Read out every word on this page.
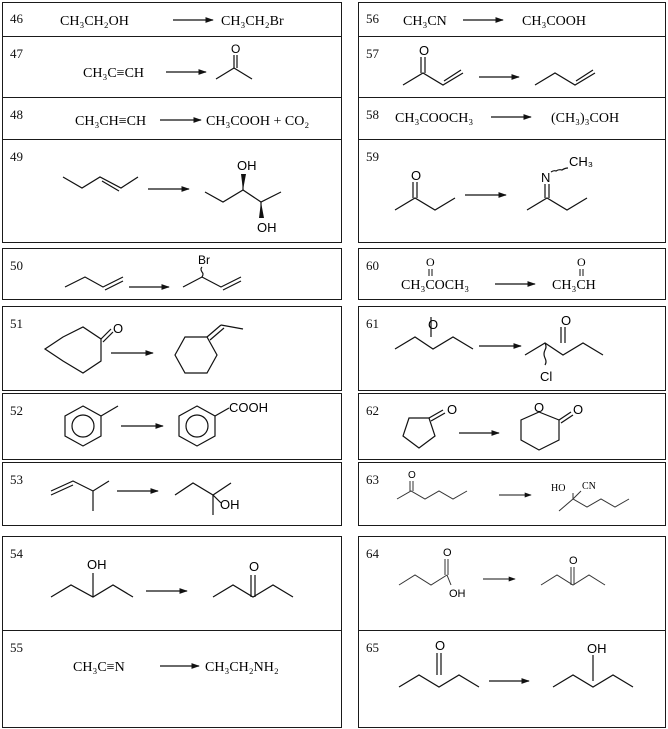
46	CH₃CH₂OH	CH₃CH₂Br
47
CH₃C≡CH
O
48	CH₃CH≡CH	CH₃COOH + CO₂
49
OH
OH
50	Br
51	O
52	COOH
53
OH
54
OH	O
55
CH₃C≡N	CH₃CH₂NH₂
56 CH₃CN	CH₃COOH
57	O
58 CH₃COOCH₃	(CH₃)₃COH
59
O	N
CH₃
60	O
CH₃COCH₃
O
CH₃CH
61	O	O
Cl
62	O	O O
63	O
HO CN
64	O
OH
O
65	O	OH
